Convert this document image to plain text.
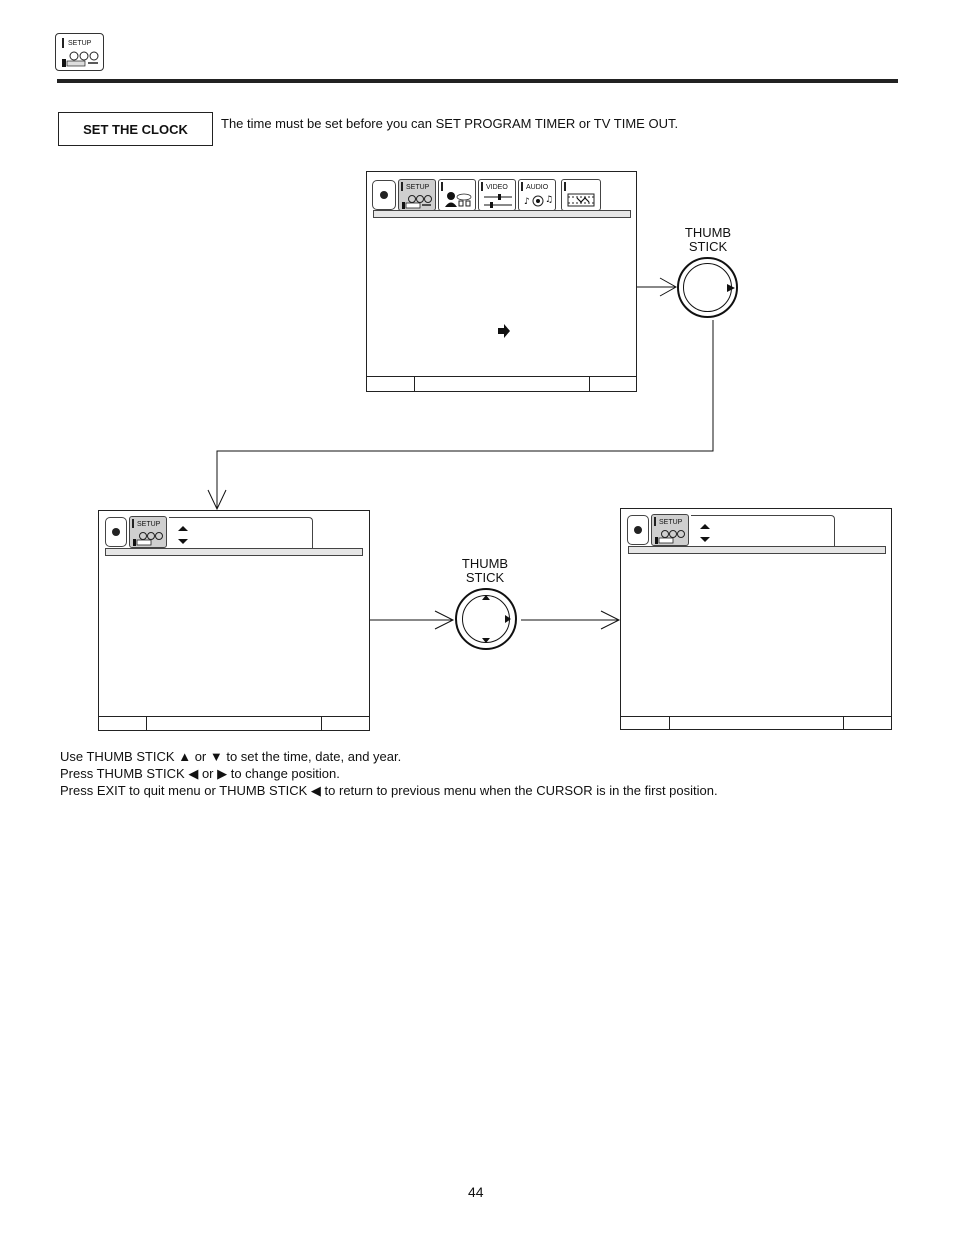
SETUP
SET THE CLOCK	The time must be set before you can SET PROGRAM TIMER or TV TIME OUT.
SETUP	VIDEO	AUDIO
♪ ♫
THUMB
STICK
SETUP
THUMB
STICK
SETUP
Use THUMB STICK ▲ or ▼ to set the time, date, and year.
Press THUMB STICK ◀ or ▶ to change position.
Press EXIT to quit menu or THUMB STICK ◀ to return to previous menu when the CURSOR is in the first position.
44
